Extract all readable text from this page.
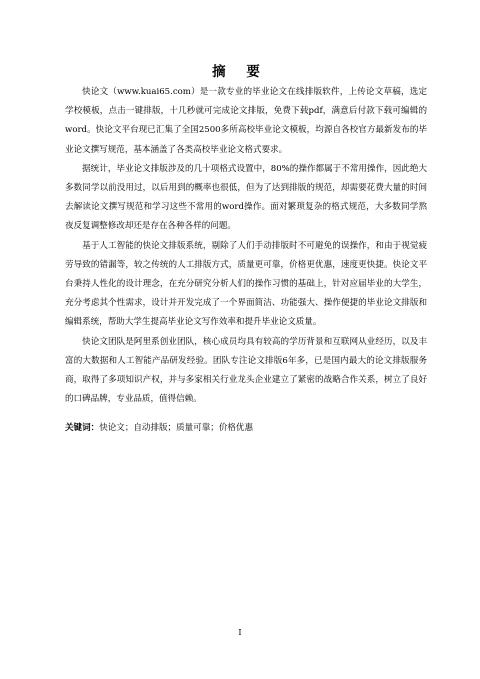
摘 要

快论文（www.kuai65.com）是一款专业的毕业论文在线排版软件，上传论文草稿，选定学校模板，点击一键排版，十几秒就可完成论文排版，免费下载pdf，满意后付款下载可编辑的word。快论文平台现已汇集了全国2500多所高校毕业论文模板，均源自各校官方最新发布的毕业论文撰写规范，基本涵盖了各类高校毕业论文格式要求。

据统计，毕业论文排版涉及的几十项格式设置中，80%的操作都属于不常用操作，因此绝大多数同学以前没用过，以后用到的概率也很低，但为了达到排版的规范，却需要花费大量的时间去解读论文撰写规范和学习这些不常用的word操作。面对繁琐复杂的格式规范，大多数同学熬夜反复调整修改却还是存在各种各样的问题。

基于人工智能的快论文排版系统，剔除了人们手动排版时不可避免的误操作，和由于视觉疲劳导致的错漏等，较之传统的人工排版方式，质量更可靠，价格更优惠，速度更快捷。快论文平台秉持人性化的设计理念，在充分研究分析人们的操作习惯的基础上，针对应届毕业的大学生，充分考虑其个性需求，设计并开发完成了一个界面简洁、功能强大、操作便捷的毕业论文排版和编辑系统，帮助大学生提高毕业论文写作效率和提升毕业论文质量。

快论文团队是阿里系创业团队，核心成员均具有较高的学历背景和互联网从业经历，以及丰富的大数据和人工智能产品研发经验。团队专注论文排版6年多，已是国内最大的论文排版服务商，取得了多项知识产权，并与多家相关行业龙头企业建立了紧密的战略合作关系，树立了良好的口碑品牌，专业品质，值得信赖。

关键词：快论文；自动排版；质量可靠；价格优惠

I
